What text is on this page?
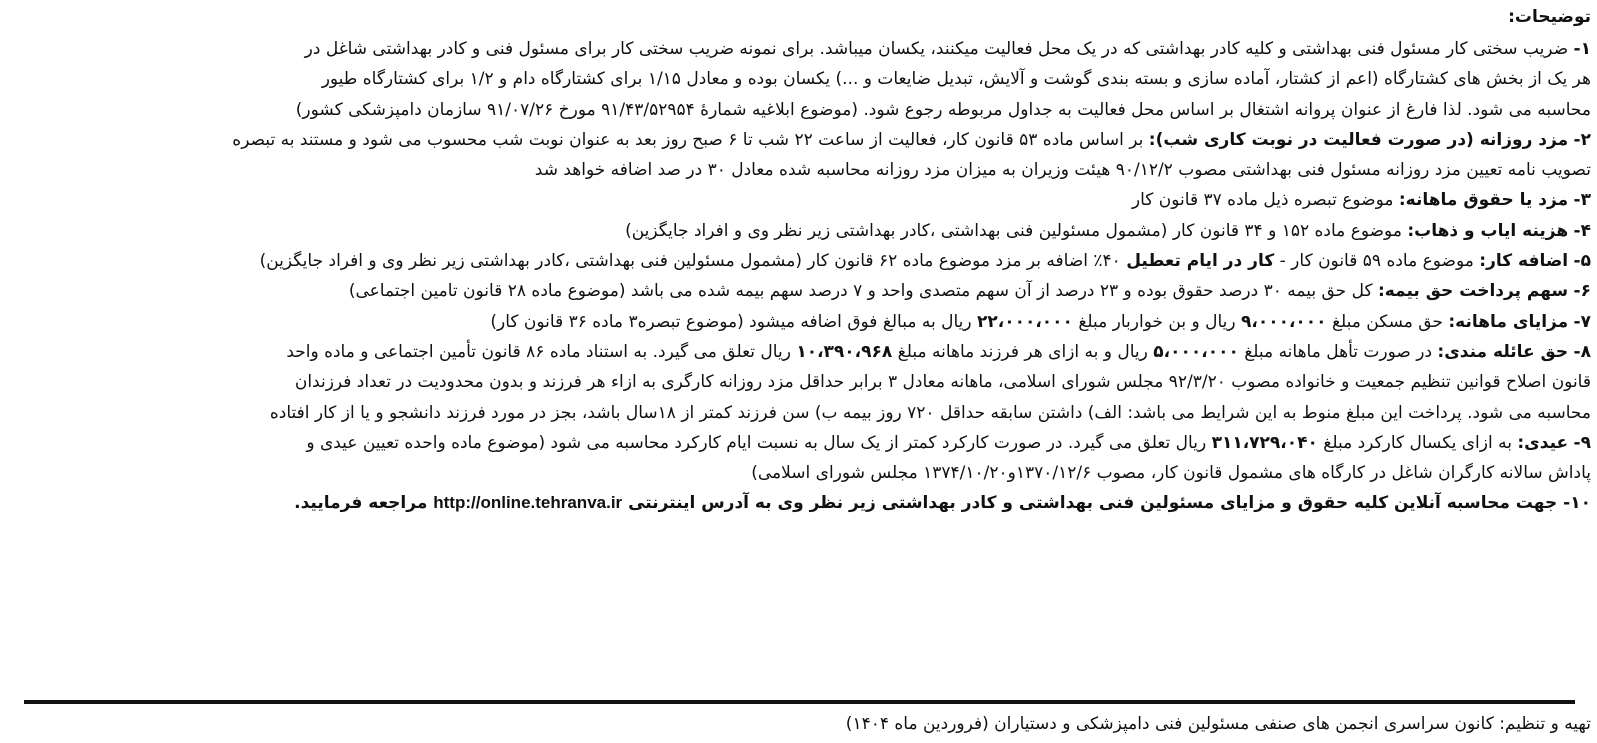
توضیحات:
۱- ضریب سختی کار مسئول فنی بهداشتی و کلیه کادر بهداشتی که در یک محل فعالیت میکنند، یکسان میباشد. برای نمونه ضریب سختی کار برای مسئول فنی و کادر بهداشتی شاغل در
هر یک از بخش های کشتارگاه (اعم از کشتار، آماده سازی و بسته بندی گوشت و آلایش، تبدیل ضایعات و ...) یکسان بوده و معادل ۱/۱۵ برای کشتارگاه دام و ۱/۲ برای کشتارگاه طیور
محاسبه می شود. لذا فارغ از عنوان پروانه اشتغال بر اساس محل فعالیت به جداول مربوطه رجوع شود. (موضوع ابلاغیه شمارۀ ۹۱/۴۳/۵۲۹۵۴ مورخ ۹۱/۰۷/۲۶ سازمان دامپزشکی کشور)
۲- مزد روزانه (در صورت فعالیت در نوبت کاری شب): بر اساس ماده ۵۳ قانون کار، فعالیت از ساعت ۲۲ شب تا ۶ صبح روز بعد به عنوان نوبت شب محسوب می شود و مستند به تبصره
تصویب نامه تعیین مزد روزانه مسئول فنی بهداشتی مصوب ۹۰/۱۲/۲ هیئت وزیران به میزان مزد روزانه محاسبه شده معادل ۳۰ در صد اضافه خواهد شد
۳- مزد یا حقوق ماهانه: موضوع تبصره ذیل ماده ۳۷ قانون کار
۴- هزینه ایاب و ذهاب: موضوع ماده ۱۵۲ و ۳۴ قانون کار (مشمول مسئولین فنی بهداشتی ،کادر بهداشتی زیر نظر وی و افراد جایگزین)
۵- اضافه کار: موضوع ماده ۵۹ قانون کار - کار در ایام تعطیل ۴۰٪ اضافه بر مزد موضوع ماده ۶۲ قانون کار (مشمول مسئولین فنی بهداشتی ،کادر بهداشتی زیر نظر وی و افراد جایگزین)
۶- سهم پرداخت حق بیمه: کل حق بیمه ۳۰ درصد حقوق بوده و ۲۳ درصد از آن سهم متصدی واحد و ۷ درصد سهم بیمه شده می باشد (موضوع ماده ۲۸ قانون تامین اجتماعی)
۷- مزایای ماهانه: حق مسکن مبلغ ۹،۰۰۰،۰۰۰ ریال و بن خواربار مبلغ ۲۲،۰۰۰،۰۰۰ ریال به مبالغ فوق اضافه میشود (موضوع تبصره۳ ماده ۳۶ قانون کار)
۸- حق عائله مندی: در صورت تأهل ماهانه مبلغ ۵،۰۰۰،۰۰۰ ریال و به ازای هر فرزند ماهانه مبلغ ۱۰،۳۹۰،۹۶۸ ریال تعلق می گیرد. به استناد ماده ۸۶ قانون تأمین اجتماعی و ماده واحد
قانون اصلاح قوانین تنظیم جمعیت و خانواده مصوب ۹۲/۳/۲۰ مجلس شورای اسلامی، ماهانه معادل ۳ برابر حداقل مزد روزانه کارگری به ازاء هر فرزند و بدون محدودیت در تعداد فرزندان
محاسبه می شود. پرداخت این مبلغ منوط به این شرایط می باشد: الف) داشتن سابقه حداقل ۷۲۰ روز بیمه ب) سن فرزند کمتر از ۱۸سال باشد، بجز در مورد فرزند دانشجو و یا از کار افتاده
۹- عیدی: به ازای یکسال کارکرد مبلغ ۳۱۱،۷۲۹،۰۴۰ ریال تعلق می گیرد. در صورت کارکرد کمتر از یک سال به نسبت ایام کارکرد محاسبه می شود (موضوع ماده واحده تعیین عیدی و
پاداش سالانه کارگران شاغل در کارگاه های مشمول قانون کار، مصوب ۱۳۷۰/۱۲/۶و۱۳۷۴/۱۰/۲۰ مجلس شورای اسلامی)
۱۰- جهت محاسبه آنلاین کلیه حقوق و مزایای مسئولین فنی بهداشتی و کادر بهداشتی زیر نظر وی به آدرس اینترنتی http://online.tehranva.ir مراجعه فرمایید.
تهیه و تنظیم: کانون سراسری انجمن های صنفی مسئولین فنی دامپزشکی و دستیاران (فروردین ماه ۱۴۰۴)
